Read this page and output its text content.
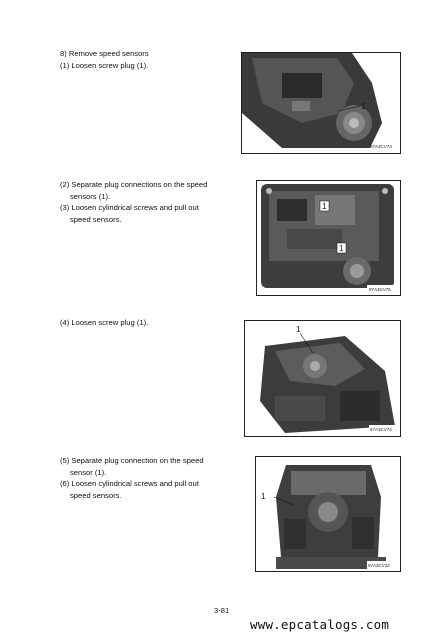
8) Remove speed sensors
(1) Loosen screw plug (1).
1
97A3CV73
(2) Separate plug connections on the speed
sensors (1).
(3) Loosen cylindrical screws and pull out
speed sensors.
1
1
97A3CV75
(4) Loosen screw plug (1).
1
97A3CV74
(5) Separate plug connection on the speed
sensor (1).
(6) Loosen cylindrical screws and pull out
speed sensors.	1
97A3CV22
3-81
www.epcatalogs.com
